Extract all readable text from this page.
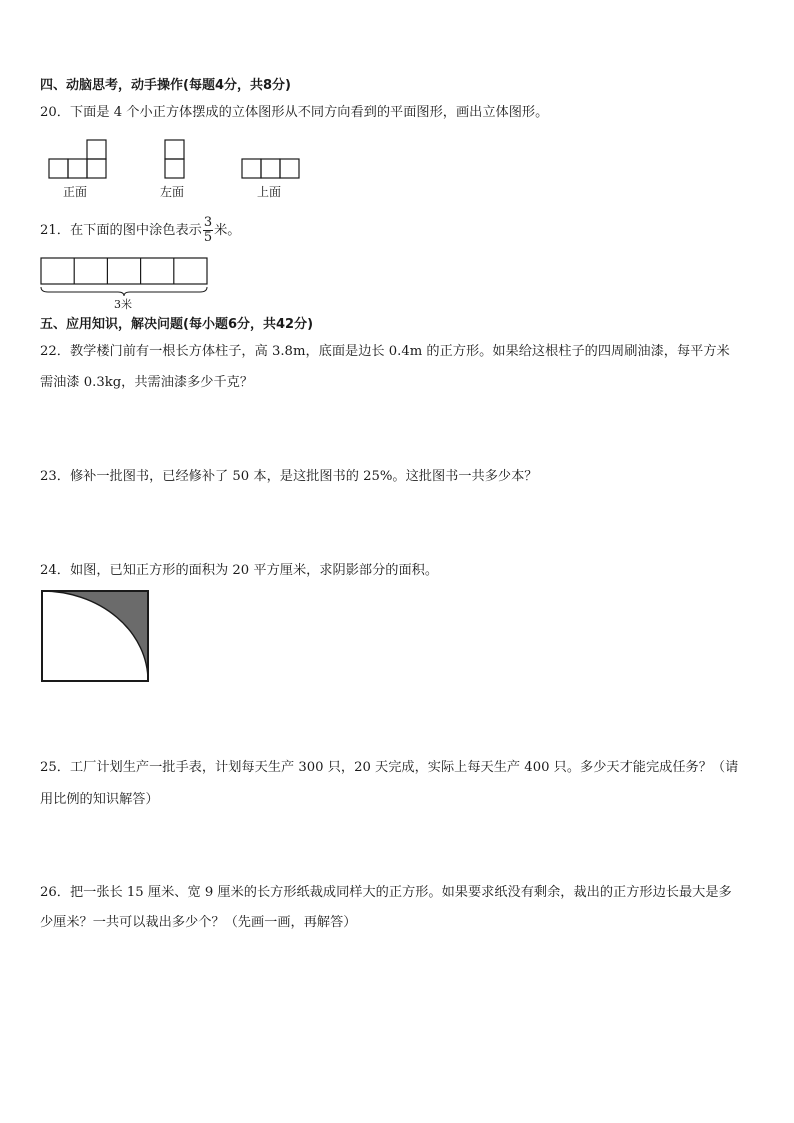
四、动脑思考，动手操作(每题4分，共8分)
20．下面是 4 个小正方体摆成的立体图形从不同方向看到的平面图形，画出立体图形。
正面	左面	上面
21．在下面的图中涂色表示 $\frac{3}{5}$ 米。
3米
五、应用知识，解决问题(每小题6分，共42分)
22．教学楼门前有一根长方体柱子，高 3.8m，底面是边长 0.4m 的正方形。如果给这根柱子的四周刷油漆，每平方米
需油漆 0.3kg，共需油漆多少千克？
23．修补一批图书，已经修补了 50 本，是这批图书的 25%。这批图书一共多少本？
24．如图，已知正方形的面积为 20 平方厘米，求阴影部分的面积。
25．工厂计划生产一批手表，计划每天生产 300 只，20 天完成，实际上每天生产 400 只。多少天才能完成任务？（请
用比例的知识解答）
26．把一张长 15 厘米、宽 9 厘米的长方形纸裁成同样大的正方形。如果要求纸没有剩余，裁出的正方形边长最大是多
少厘米？一共可以裁出多少个？（先画一画，再解答）
